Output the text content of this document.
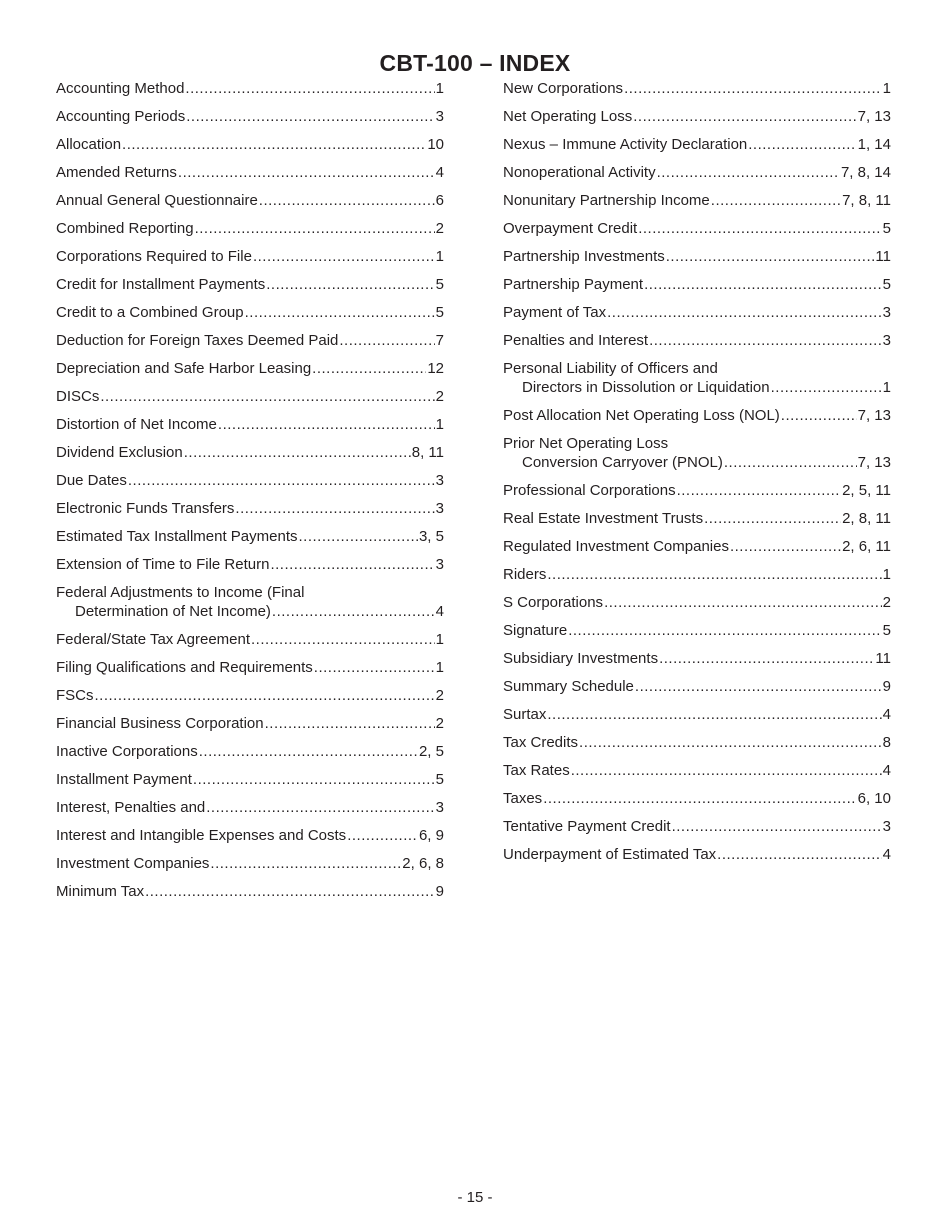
CBT-100 – INDEX
Accounting Method .....	1
Accounting Periods .....	3
Allocation .....	10
Amended Returns .....	4
Annual General Questionnaire .....	6
Combined Reporting .....	2
Corporations Required to File .....	1
Credit for Installment Payments .....	5
Credit to a Combined Group .....	5
Deduction for Foreign Taxes Deemed Paid .....	7
Depreciation and Safe Harbor Leasing .....	12
DISCs .....	2
Distortion of Net Income .....	1
Dividend Exclusion .....	8, 11
Due Dates .....	3
Electronic Funds Transfers .....	3
Estimated Tax Installment Payments .....	3, 5
Extension of Time to File Return .....	3
Federal Adjustments to Income (Final
Determination of Net Income) .....	4
Federal/State Tax Agreement .....	1
Filing Qualifications and Requirements .....	1
FSCs .....	2
Financial Business Corporation .....	2
Inactive Corporations .....	2, 5
Installment Payment .....	5
Interest, Penalties and .....	3
Interest and Intangible Expenses and Costs .....	6, 9
Investment Companies .....	2, 6, 8
Minimum Tax .....	9
New Corporations .....	1
Net Operating Loss .....	7, 13
Nexus – Immune Activity Declaration .....	1, 14
Nonoperational Activity .....	7, 8, 14
Nonunitary Partnership Income .....	7, 8, 11
Overpayment Credit .....	5
Partnership Investments .....	11
Partnership Payment .....	5
Payment of Tax .....	3
Penalties and Interest .....	3
Personal Liability of Officers and
Directors in Dissolution or Liquidation .....	1
Post Allocation Net Operating Loss (NOL) .....	7, 13
Prior Net Operating Loss
Conversion Carryover (PNOL) .....	7, 13
Professional Corporations .....	2, 5, 11
Real Estate Investment Trusts .....	2, 8, 11
Regulated Investment Companies .....	2, 6, 11
Riders .....	1
S Corporations .....	2
Signature .....	5
Subsidiary Investments .....	11
Summary Schedule .....	9
Surtax .....	4
Tax Credits .....	8
Tax Rates .....	4
Taxes .....	6, 10
Tentative Payment Credit .....	3
Underpayment of Estimated Tax .....	4
- 15 -
